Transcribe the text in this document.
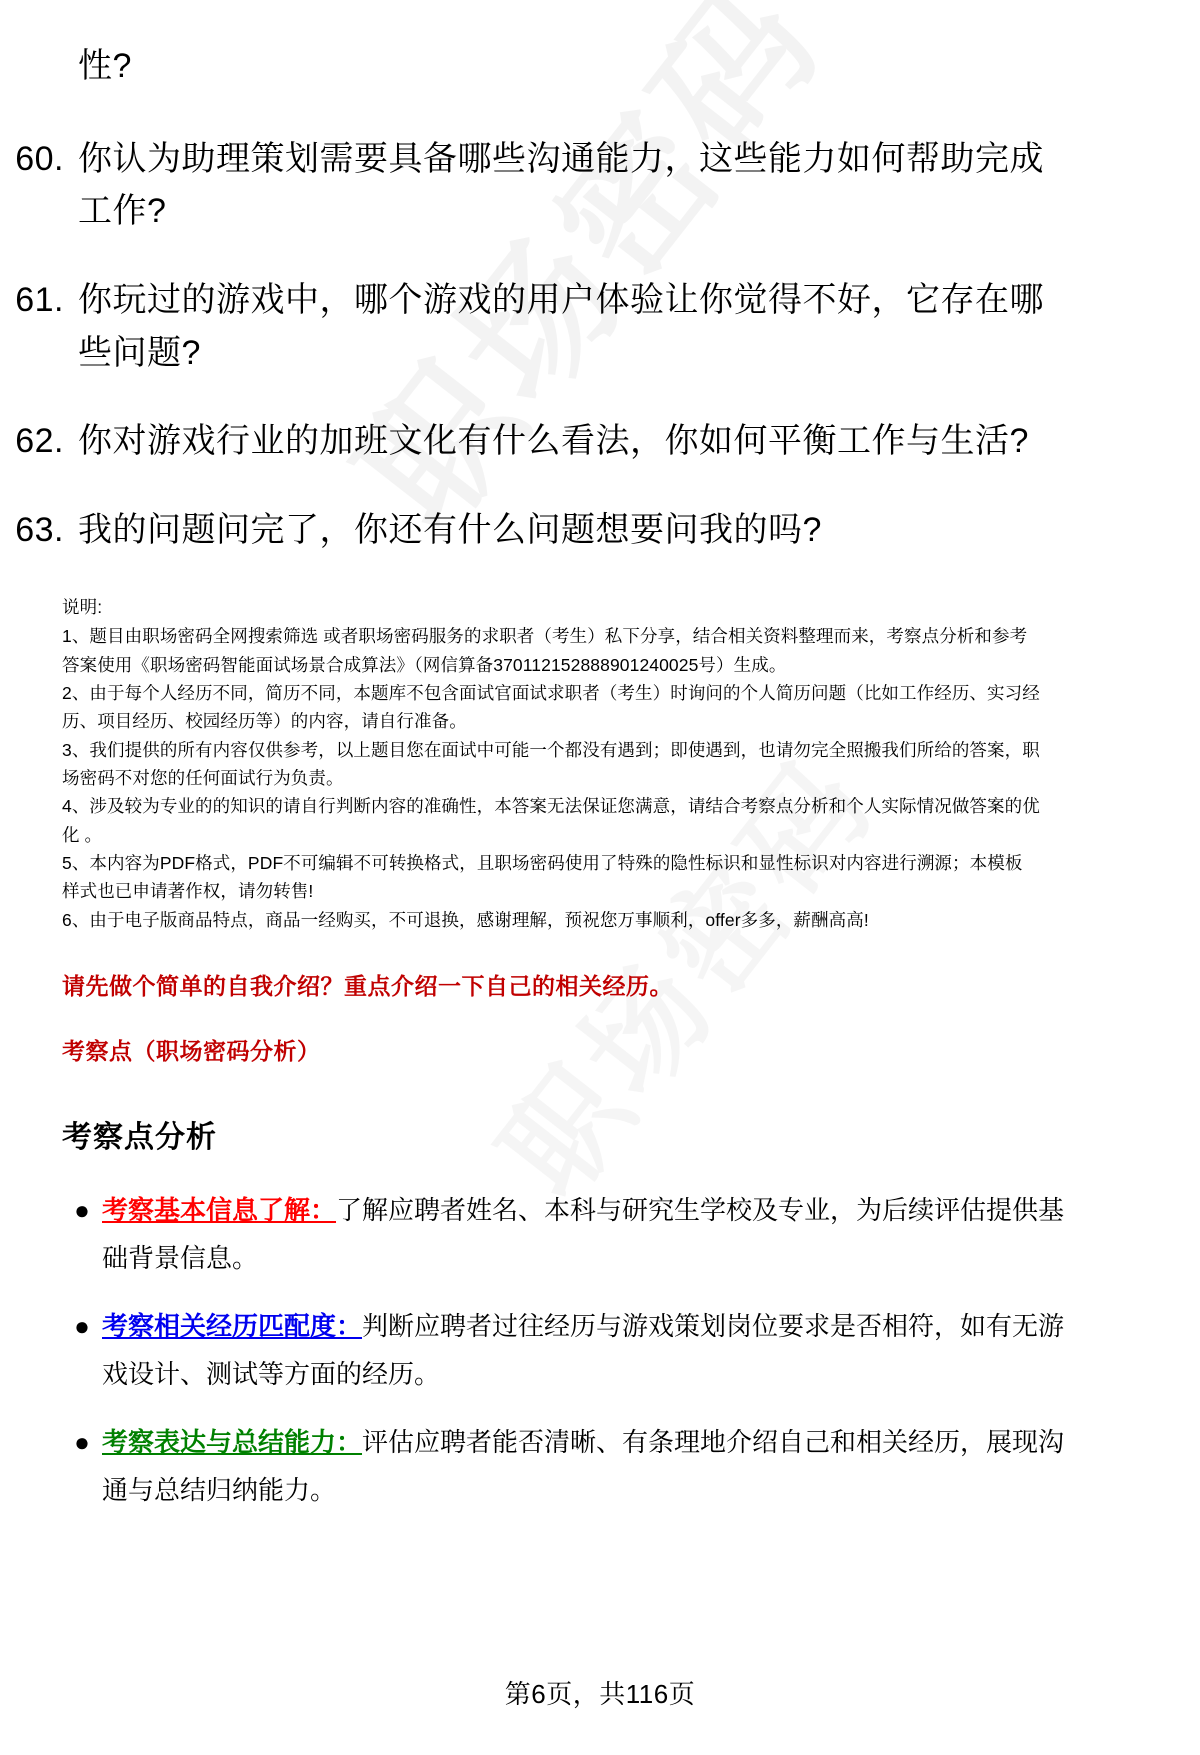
性?
60. 你认为助理策划需要具备哪些沟通能力，这些能力如何帮助完成
工作?
61. 你玩过的游戏中，哪个游戏的用户体验让你觉得不好，它存在哪
些问题?
62. 你对游戏行业的加班文化有什么看法，你如何平衡工作与生活?
63. 我的问题问完了，你还有什么问题想要问我的吗?
说明:

1、题目由职场密码全网搜索筛选 或者职场密码服务的求职者（考生）私下分享，结合相关资料整理而来，考察点分析和参考答案使用《职场密码智能面试场景合成算法》（网信算备370112152888901240025号）生成。

2、由于每个人经历不同，简历不同，本题库不包含面试官面试求职者（考生）时询问的个人简历问题（比如工作经历、实习经历、项目经历、校园经历等）的内容，请自行准备。

3、我们提供的所有内容仅供参考，以上题目您在面试中可能一个都没有遇到；即使遇到，也请勿完全照搬我们所给的答案，职场密码不对您的任何面试行为负责。

4、涉及较为专业的的知识的请自行判断内容的准确性，本答案无法保证您满意，请结合考察点分析和个人实际情况做答案的优化 。

5、本内容为PDF格式，PDF不可编辑不可转换格式，且职场密码使用了特殊的隐性标识和显性标识对内容进行溯源；本模板样式也已申请著作权，请勿转售!

6、由于电子版商品特点，商品一经购买，不可退换，感谢理解，预祝您万事顺利，offer多多，薪酬高高!

请先做个简单的自我介绍？重点介绍一下自己的相关经历。
考察点（职场密码分析）
考察点分析
● 考察基本信息了解：了解应聘者姓名、本科与研究生学校及专业，为后续评估提供基础背景信息。
● 考察相关经历匹配度：判断应聘者过往经历与游戏策划岗位要求是否相符，如有无游戏设计、测试等方面的经历。
● 考察表达与总结能力：评估应聘者能否清晰、有条理地介绍自己和相关经历，展现沟通与总结归纳能力。
第6页，共116页
